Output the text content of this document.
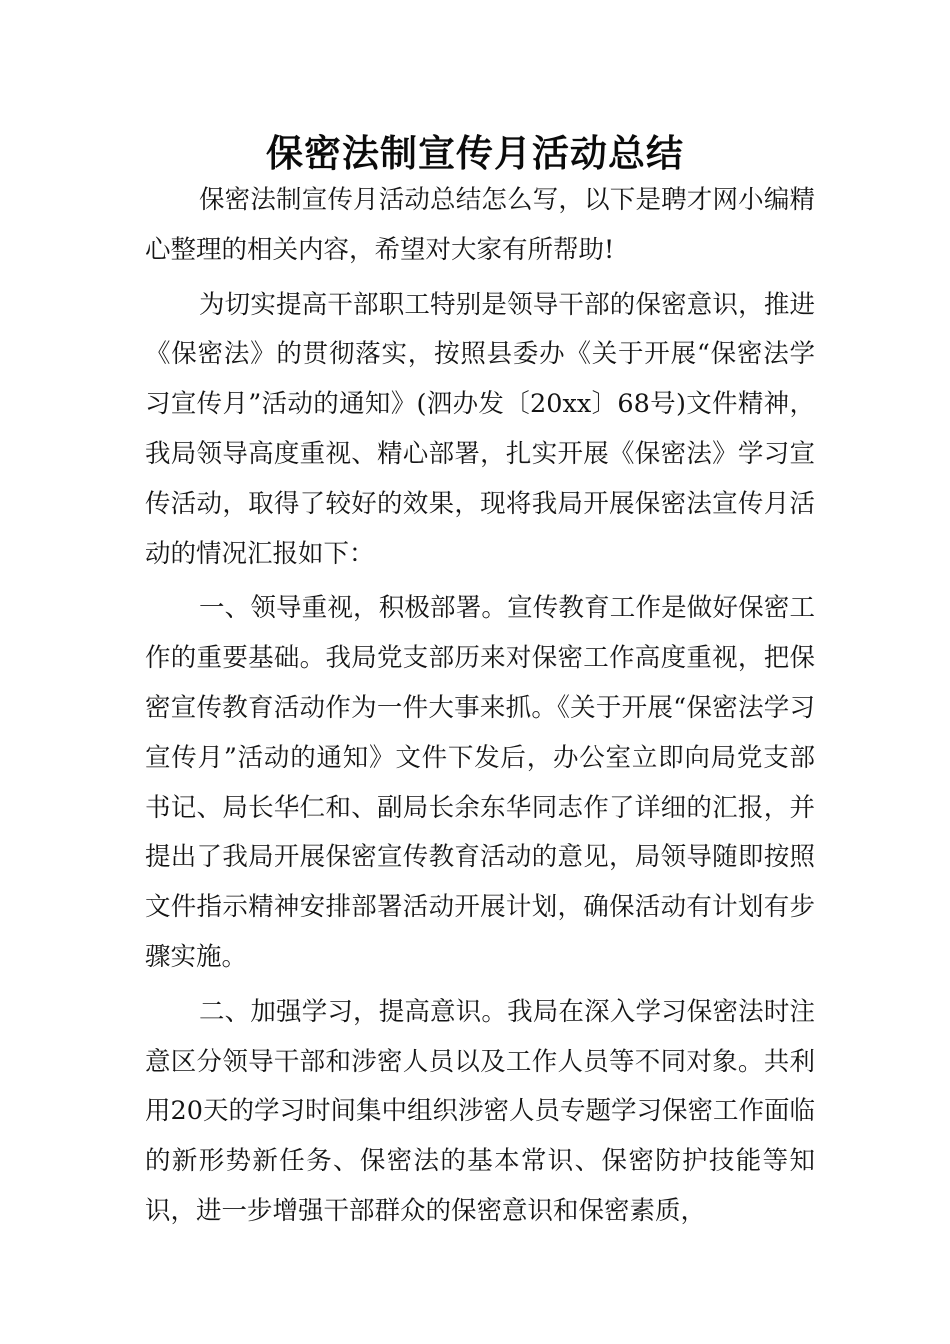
保密法制宣传月活动总结

保密法制宣传月活动总结怎么写，以下是聘才网小编精心整理的相关内容，希望对大家有所帮助!

为切实提高干部职工特别是领导干部的保密意识，推进《保密法》的贯彻落实，按照县委办《关于开展“保密法学习宣传月”活动的通知》(泗办发〔20xx〕68号)文件精神，我局领导高度重视、精心部署，扎实开展《保密法》学习宣传活动，取得了较好的效果，现将我局开展保密法宣传月活动的情况汇报如下：

一、领导重视，积极部署。宣传教育工作是做好保密工作的重要基础。我局党支部历来对保密工作高度重视，把保密宣传教育活动作为一件大事来抓。《关于开展“保密法学习宣传月”活动的通知》文件下发后，办公室立即向局党支部书记、局长华仁和、副局长余东华同志作了详细的汇报，并提出了我局开展保密宣传教育活动的意见，局领导随即按照文件指示精神安排部署活动开展计划，确保活动有计划有步骤实施。

二、加强学习，提高意识。我局在深入学习保密法时注意区分领导干部和涉密人员以及工作人员等不同对象。共利用20天的学习时间集中组织涉密人员专题学习保密工作面临的新形势新任务、保密法的基本常识、保密防护技能等知识，进一步增强干部群众的保密意识和保密素质，
